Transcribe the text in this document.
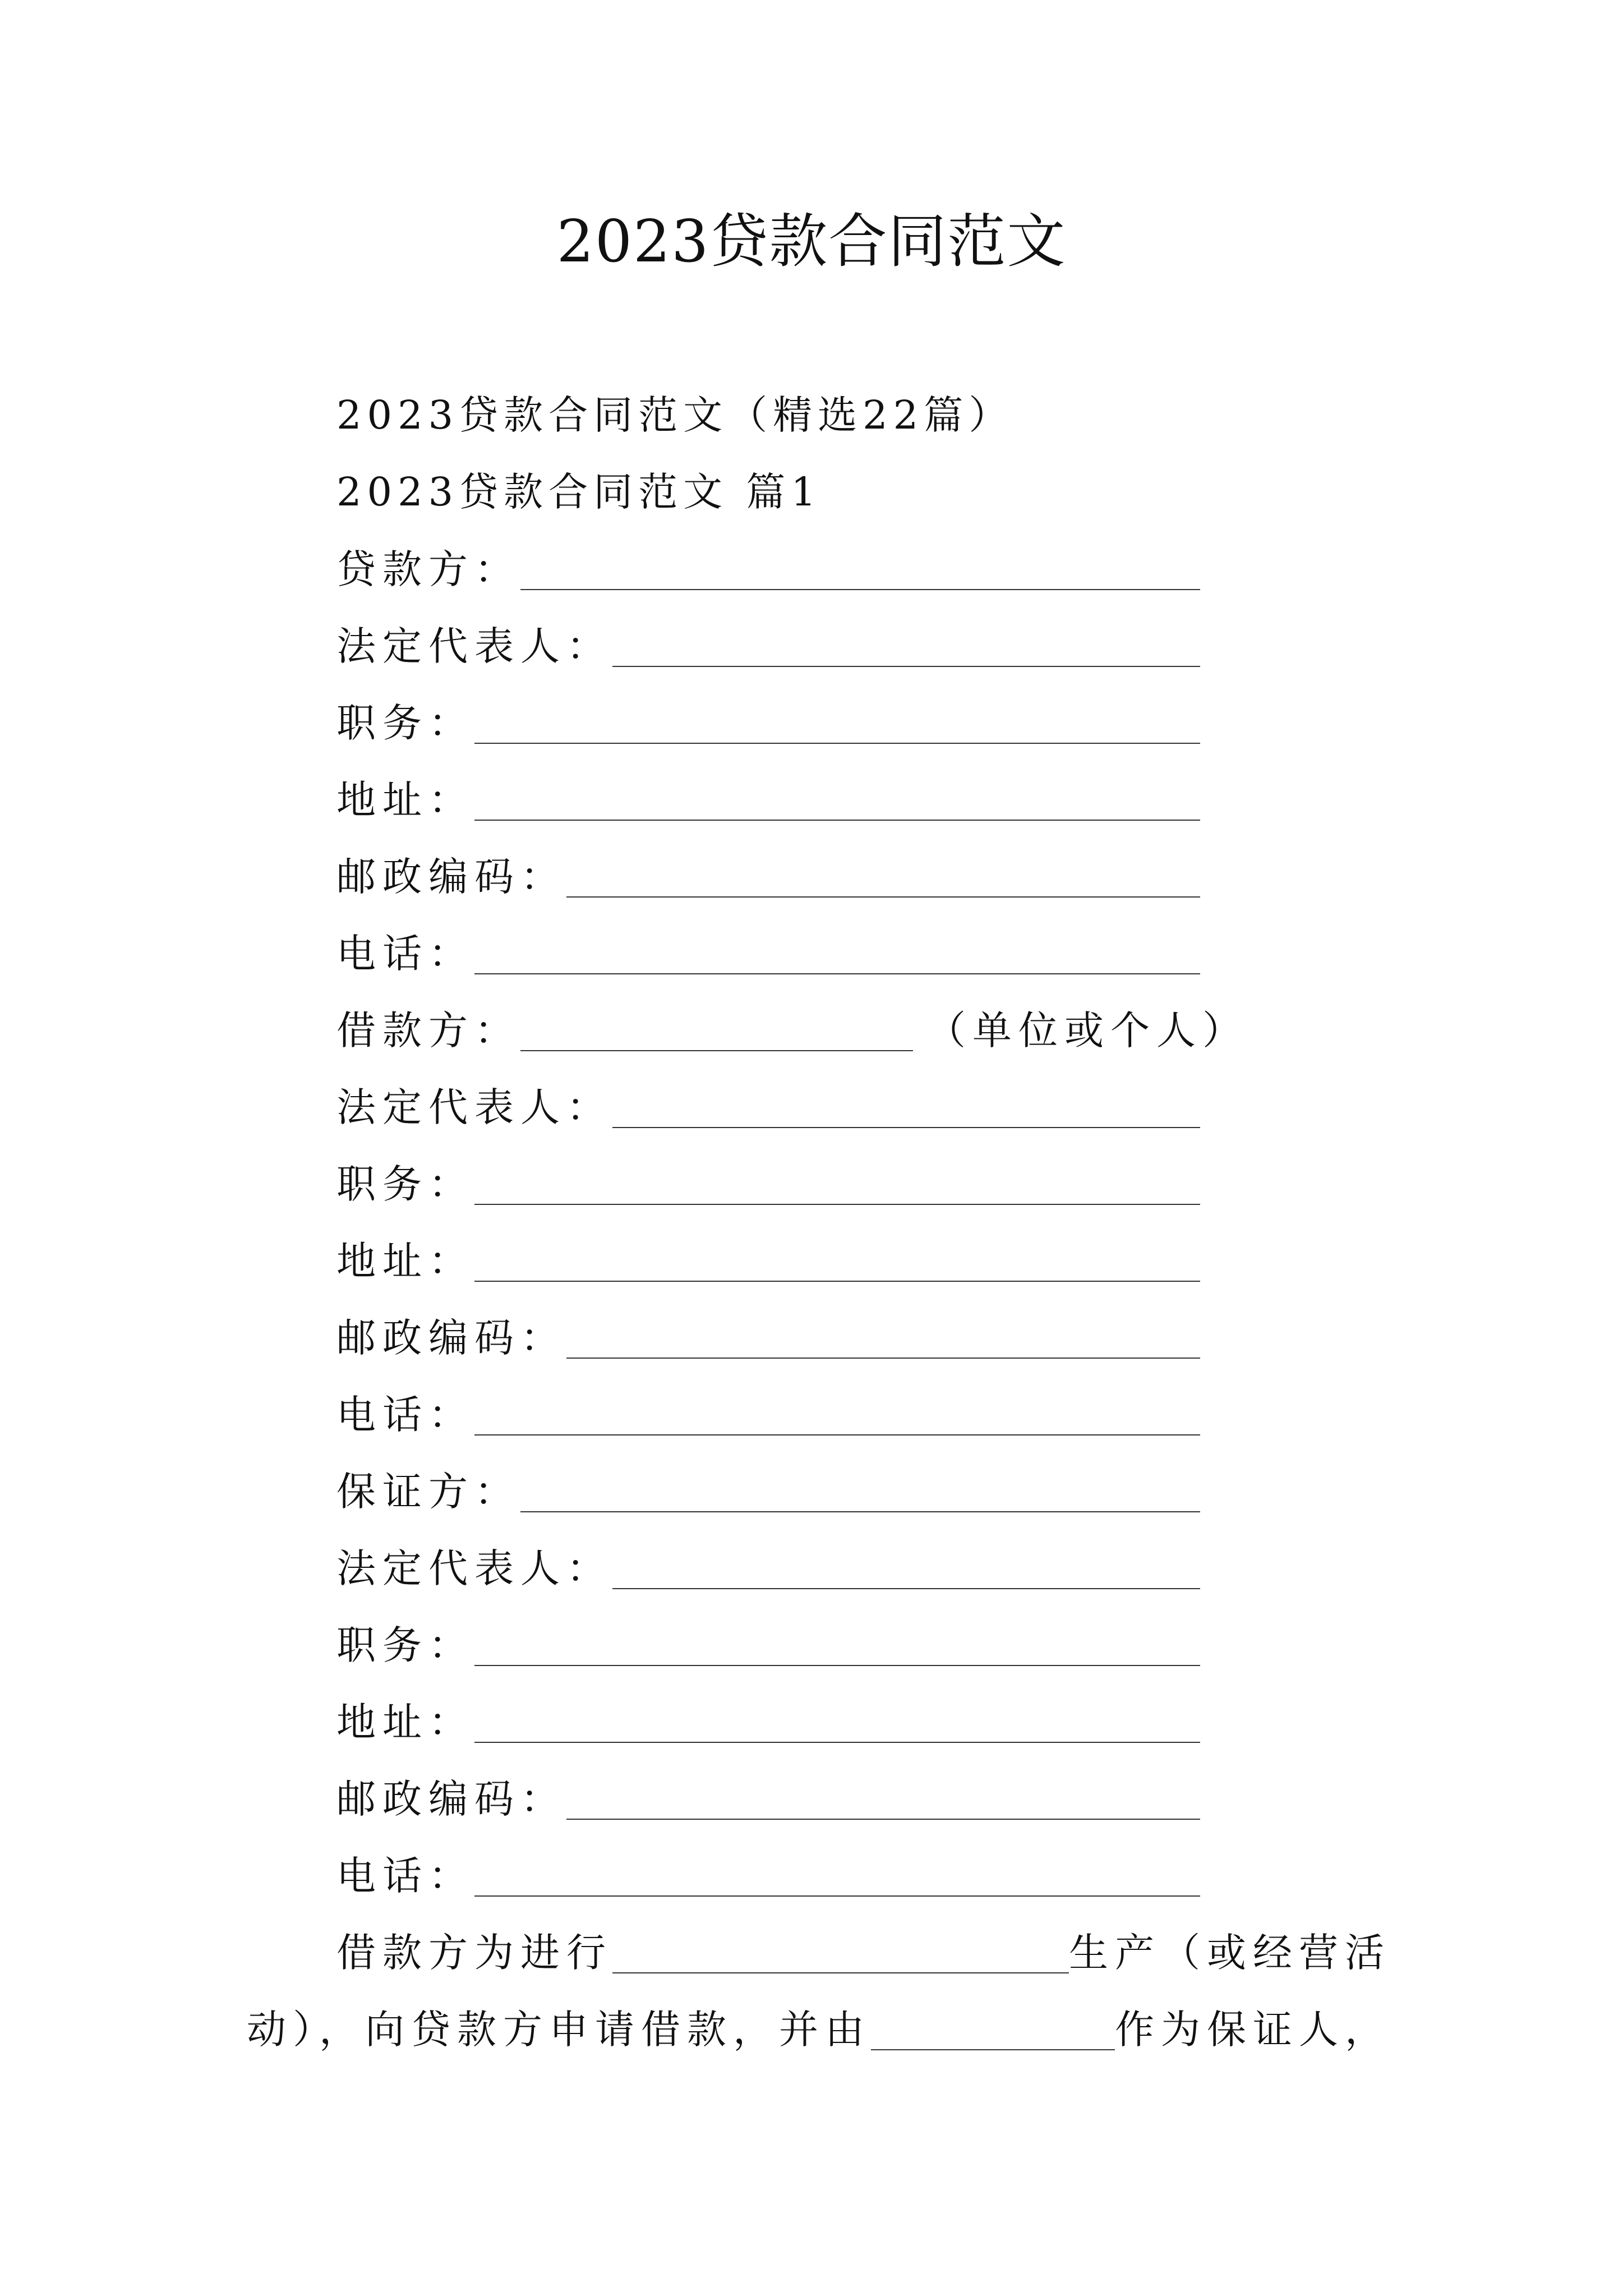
2023贷款合同范文
2023贷款合同范文（精选22篇）
2023贷款合同范文 篇1
贷款方：
法定代表人：
职务：
地址：
邮政编码：
电话：
借款方：	（单位或个人）
法定代表人：
职务：
地址：
邮政编码：
电话：
保证方：
法定代表人：
职务：
地址：
邮政编码：
电话：
借款方为进行	生产（或经营活
动），向贷款方申请借款，并由	作为保证人，
